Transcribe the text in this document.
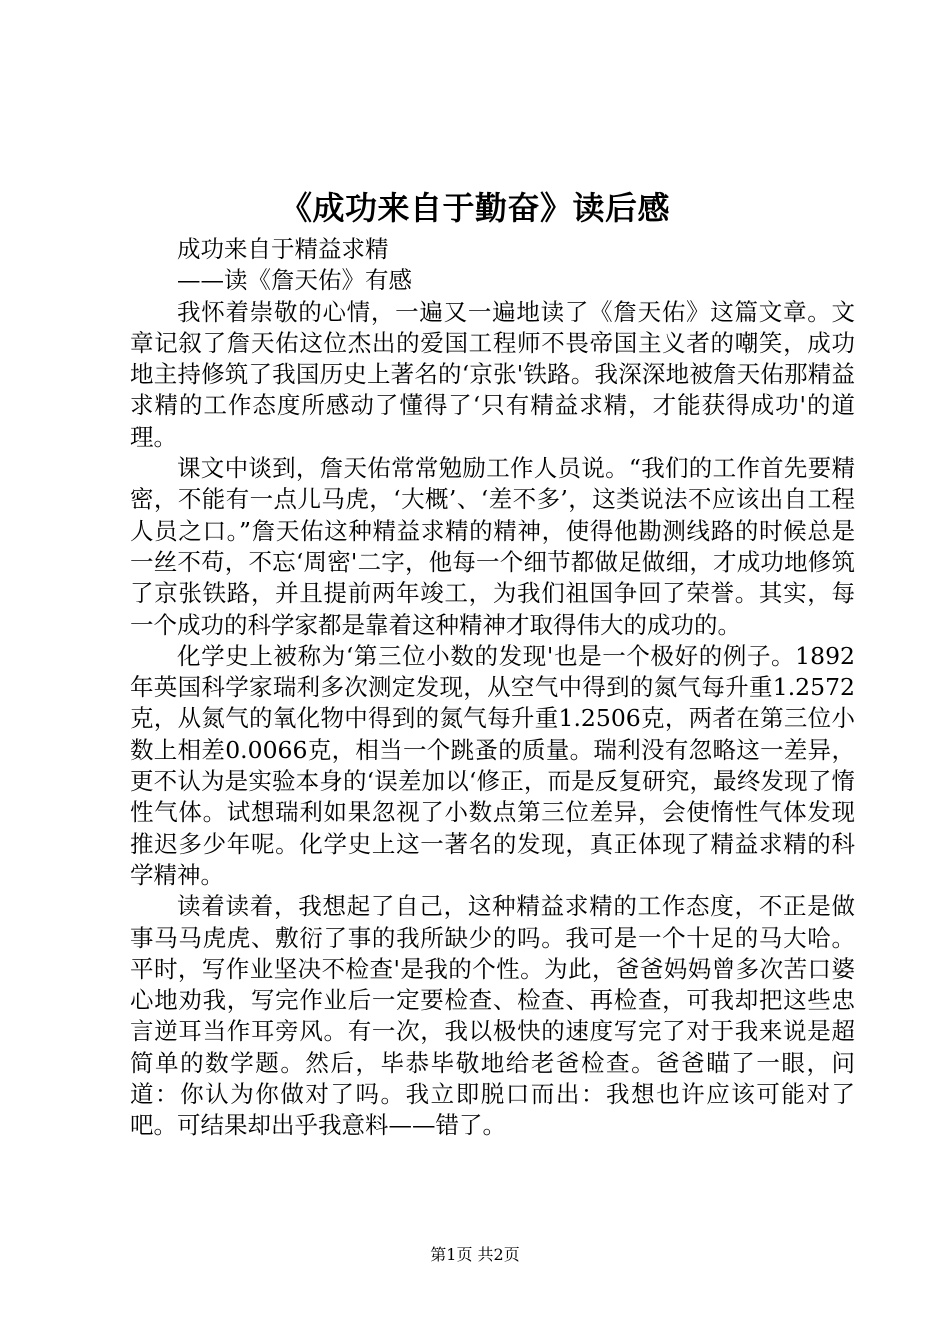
《成功来自于勤奋》读后感

成功来自于精益求精

——读《詹天佑》有感

我怀着崇敬的心情，一遍又一遍地读了《詹天佑》这篇文章。文章记叙了詹天佑这位杰出的爱国工程师不畏帝国主义者的嘲笑，成功地主持修筑了我国历史上著名的‘京张'铁路。我深深地被詹天佑那精益求精的工作态度所感动了懂得了‘只有精益求精，才能获得成功'的道理。

课文中谈到，詹天佑常常勉励工作人员说。“我们的工作首先要精密，不能有一点儿马虎，‘大概’、‘差不多’，这类说法不应该出自工程人员之口。”詹天佑这种精益求精的精神，使得他勘测线路的时候总是一丝不苟，不忘‘周密'二字，他每一个细节都做足做细，才成功地修筑了京张铁路，并且提前两年竣工，为我们祖国争回了荣誉。其实，每一个成功的科学家都是靠着这种精神才取得伟大的成功的。

化学史上被称为‘第三位小数的发现'也是一个极好的例子。1892年英国科学家瑞利多次测定发现，从空气中得到的氮气每升重1.2572克，从氮气的氧化物中得到的氮气每升重1.2506克，两者在第三位小数上相差0.0066克，相当一个跳蚤的质量。瑞利没有忽略这一差异，更不认为是实验本身的‘误差加以‘修正，而是反复研究，最终发现了惰性气体。试想瑞利如果忽视了小数点第三位差异，会使惰性气体发现推迟多少年呢。化学史上这一著名的发现，真正体现了精益求精的科学精神。

读着读着，我想起了自己，这种精益求精的工作态度，不正是做事马马虎虎、敷衍了事的我所缺少的吗。我可是一个十足的马大哈。平时，写作业坚决不检查'是我的个性。为此，爸爸妈妈曾多次苦口婆心地劝我，写完作业后一定要检查、检查、再检查，可我却把这些忠言逆耳当作耳旁风。有一次，我以极快的速度写完了对于我来说是超简单的数学题。然后，毕恭毕敬地给老爸检查。爸爸瞄了一眼，问道：你认为你做对了吗。我立即脱口而出：我想也许应该可能对了吧。可结果却出乎我意料——错了。

第1页 共2页
